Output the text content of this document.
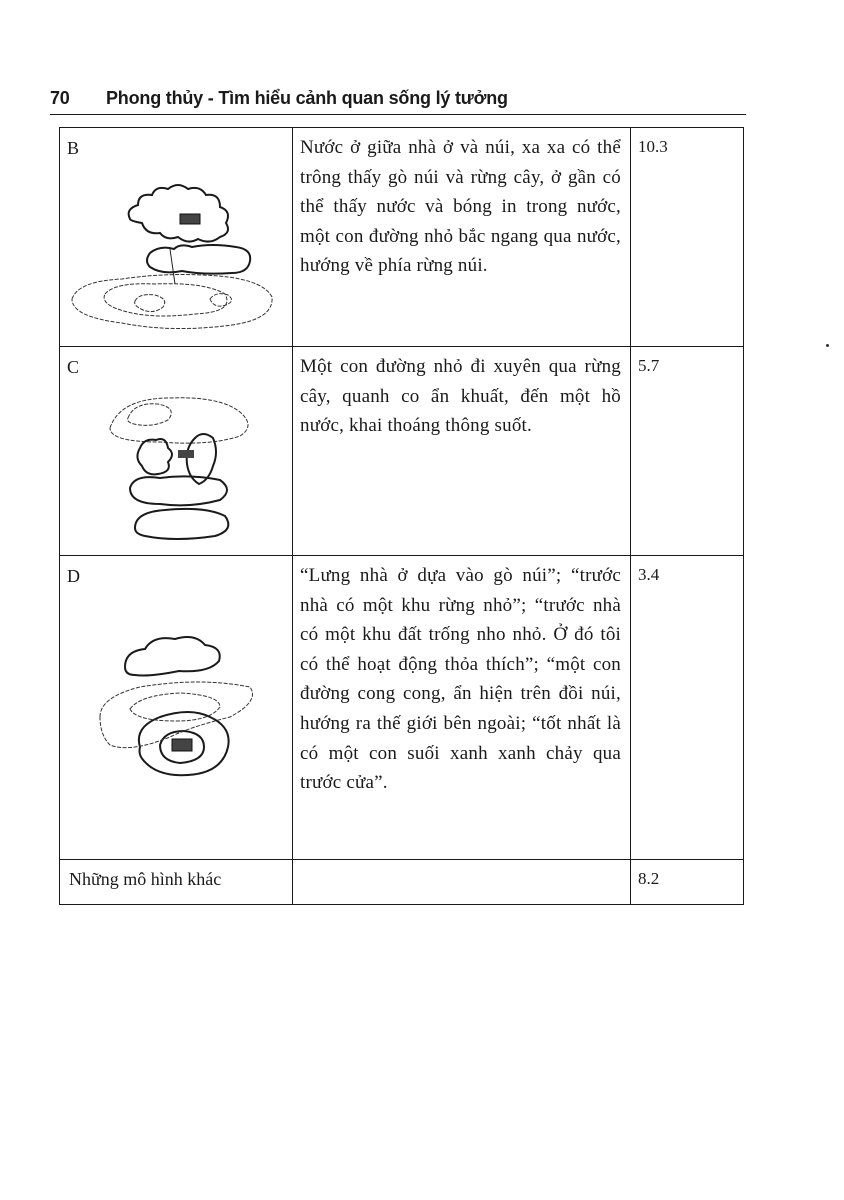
70 Phong thủy - Tìm hiểu cảnh quan sống lý tưởng
B	Nước ở giữa nhà ở và núi, xa xa có thể trông thấy gò núi và rừng cây, ở gần có thể thấy nước và bóng in trong nước, một con đường nhỏ bắc ngang qua nước, hướng về phía rừng núi.	10.3

C	Một con đường nhỏ đi xuyên qua rừng cây, quanh co ẩn khuất, đến một hồ nước, khai thoáng thông suốt.	5.7

D	“Lưng nhà ở dựa vào gò núi”; “trước nhà có một khu rừng nhỏ”; “trước nhà có một khu đất trống nho nhỏ. Ở đó tôi có thể hoạt động thỏa thích”; “một con đường cong cong, ẩn hiện trên đồi núi, hướng ra thế giới bên ngoài; “tốt nhất là có một con suối xanh xanh chảy qua trước cửa”.	3.4

Những mô hình khác		8.2
